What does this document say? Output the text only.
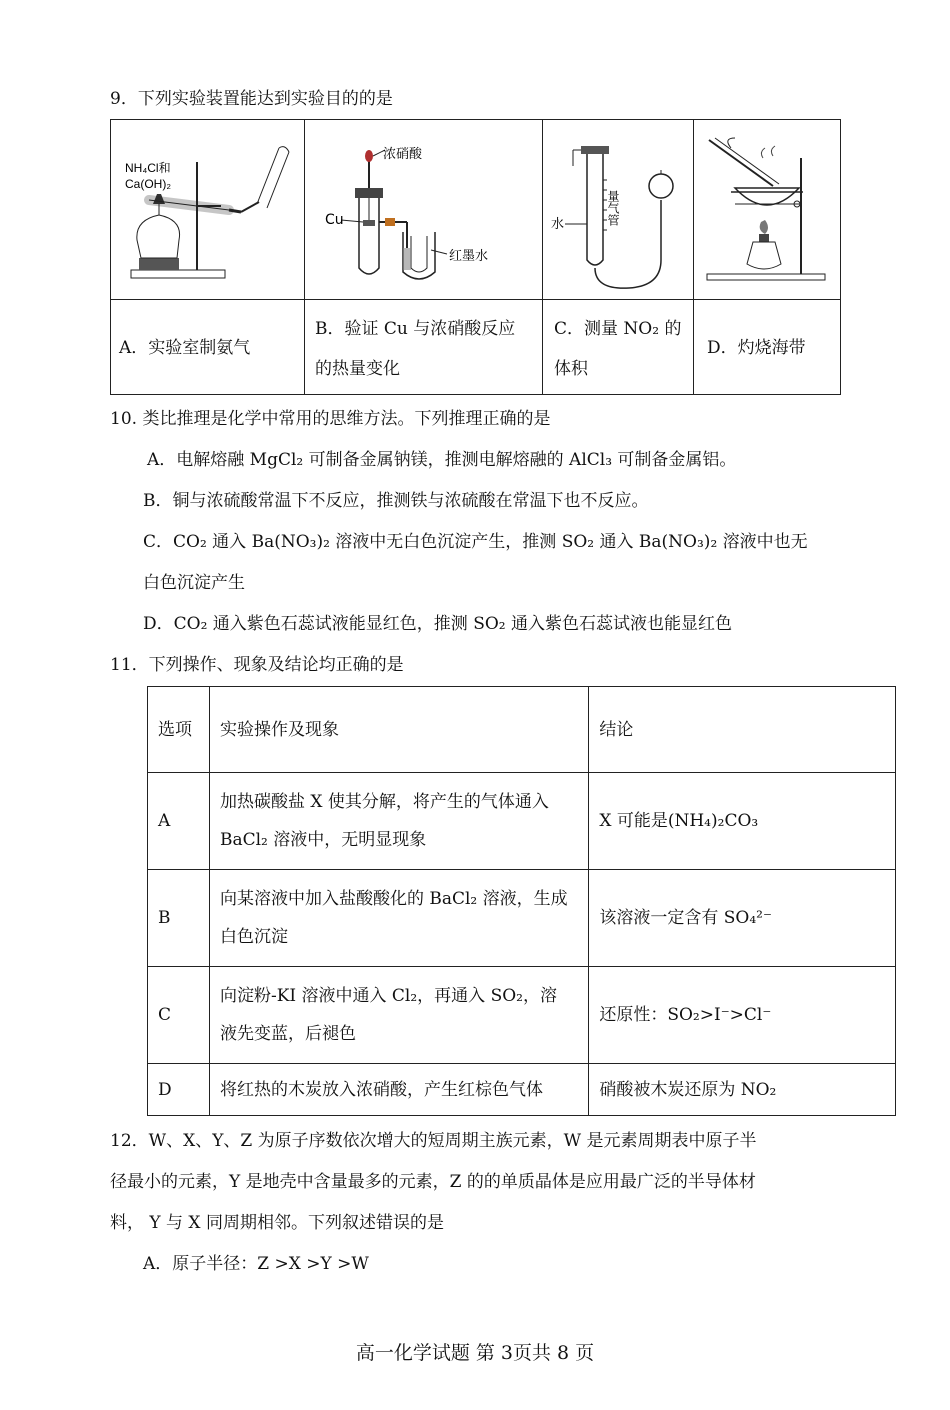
9．下列实验装置能达到实验目的的是
NH₄Cl和
Ca(OH)₂
浓硝酸
Cu
红墨水
水	量气管
A．实验室制氨气
B．验证 Cu 与浓硝酸反应
的热量变化
C．测量 NO₂ 的
体积
D．灼烧海带
10. 类比推理是化学中常用的思维方法。下列推理正确的是
A．电解熔融 MgCl₂ 可制备金属钠镁，推测电解熔融的 AlCl₃ 可制备金属铝。
B．铜与浓硫酸常温下不反应，推测铁与浓硫酸在常温下也不反应。
C．CO₂ 通入 Ba(NO₃)₂ 溶液中无白色沉淀产生，推测 SO₂ 通入 Ba(NO₃)₂ 溶液中也无
白色沉淀产生
D．CO₂ 通入紫色石蕊试液能显红色，推测 SO₂ 通入紫色石蕊试液也能显红色
11．下列操作、现象及结论均正确的是
选项	实验操作及现象	结论
A	加热碳酸盐 X 使其分解，将产生的气体通入
BaCl₂ 溶液中，无明显现象	X 可能是(NH₄)₂CO₃
B	向某溶液中加入盐酸酸化的 BaCl₂ 溶液，生成
白色沉淀	该溶液一定含有 SO₄²⁻
C	向淀粉-KI 溶液中通入 Cl₂，再通入 SO₂，溶
液先变蓝，后褪色	还原性：SO₂>I⁻>Cl⁻
D	将红热的木炭放入浓硝酸，产生红棕色气体	硝酸被木炭还原为 NO₂
12．W、X、Y、Z 为原子序数依次增大的短周期主族元素，W 是元素周期表中原子半
径最小的元素，Y 是地壳中含量最多的元素，Z 的的单质晶体是应用最广泛的半导体材
料， Y 与 X 同周期相邻。下列叙述错误的是
A．原子半径：Z >X >Y >W
高一化学试题 第 3页共 8 页
